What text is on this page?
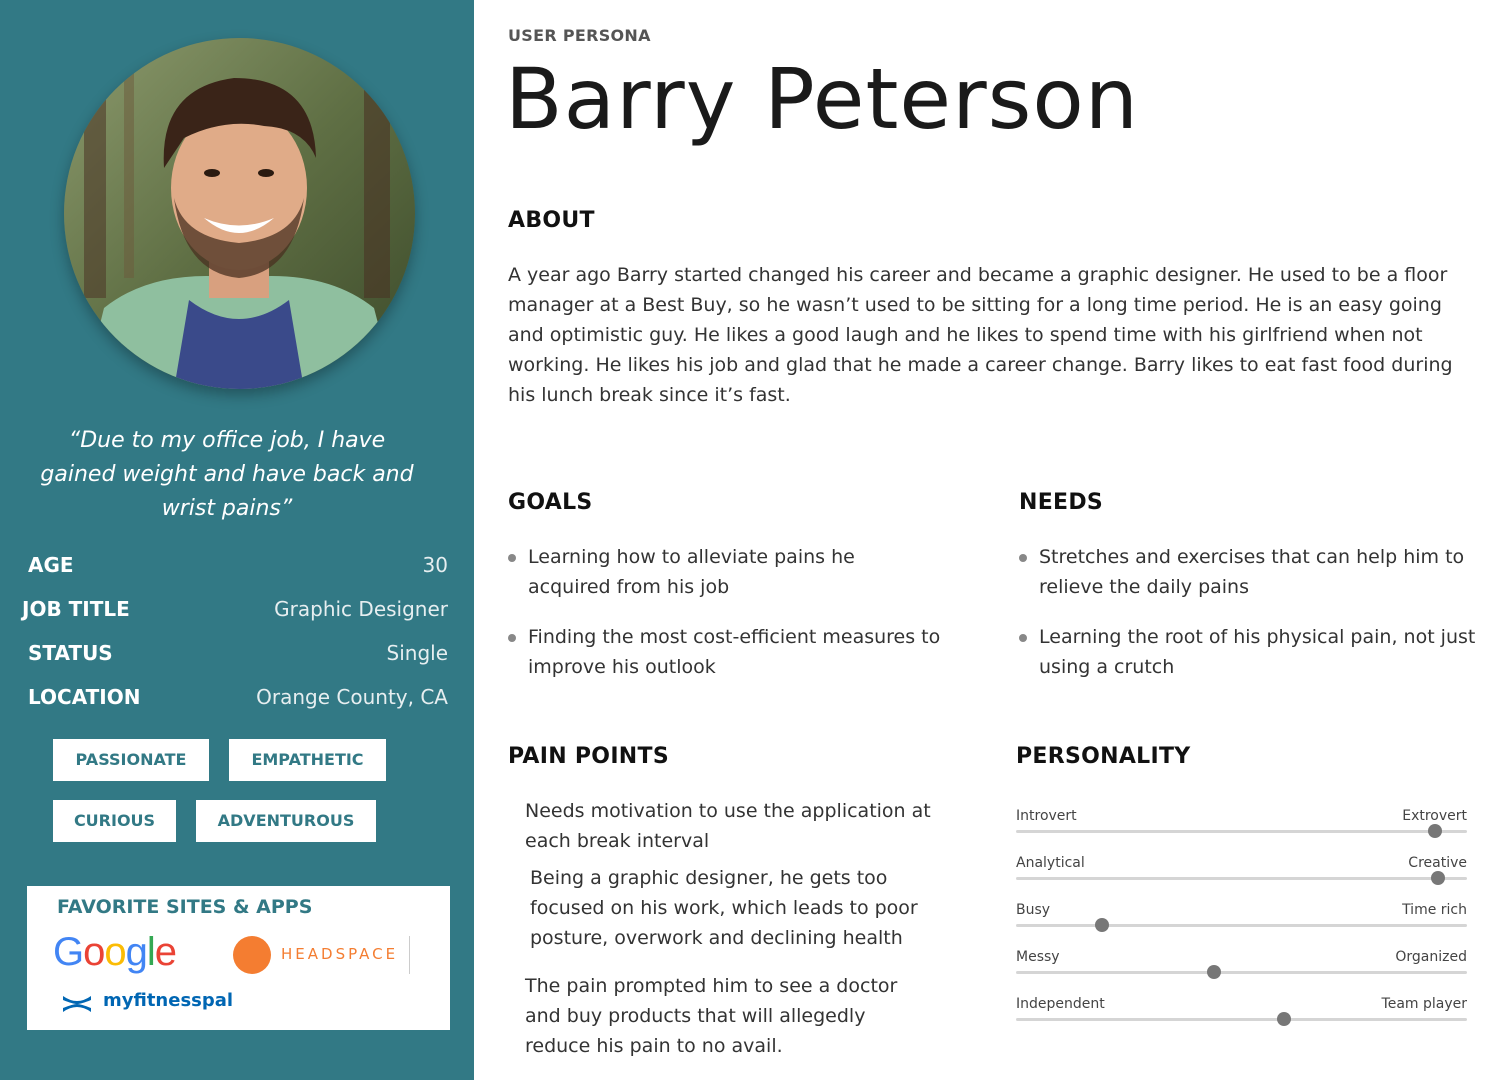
“Due to my office job, I have gained weight and have back and wrist pains”
AGE	30
JOB TITLE	Graphic Designer
STATUS	Single
LOCATION	Orange County, CA
PASSIONATE	EMPATHETIC
CURIOUS	ADVENTUROUS
FAVORITE SITES & APPS
Google	HEADSPACE
myfitnesspal
USER PERSONA
Barry Peterson
ABOUT
A year ago Barry started changed his career and became a graphic designer. He used to be a floor manager at a Best Buy, so he wasn’t used to be sitting for a long time period. He is an easy going and optimistic guy. He likes a good laugh and he likes to spend time with his girlfriend when not working. He likes his job and glad that he made a career change. Barry likes to eat fast food during his lunch break since it’s fast.
GOALS
Learning how to alleviate pains he acquired from his job
Finding the most cost-efficient measures to improve his outlook
NEEDS
Stretches and exercises that can help him to relieve the daily pains
Learning the root of his physical pain, not just using a crutch
PAIN POINTS
Needs motivation to use the application at each break interval
Being a graphic designer, he gets too focused on his work, which leads to poor posture, overwork and declining health
The pain prompted him to see a doctor and buy products that will allegedly reduce his pain to no avail.
PERSONALITY
Introvert	Extrovert
Analytical	Creative
Busy	Time rich
Messy	Organized
Independent	Team player
